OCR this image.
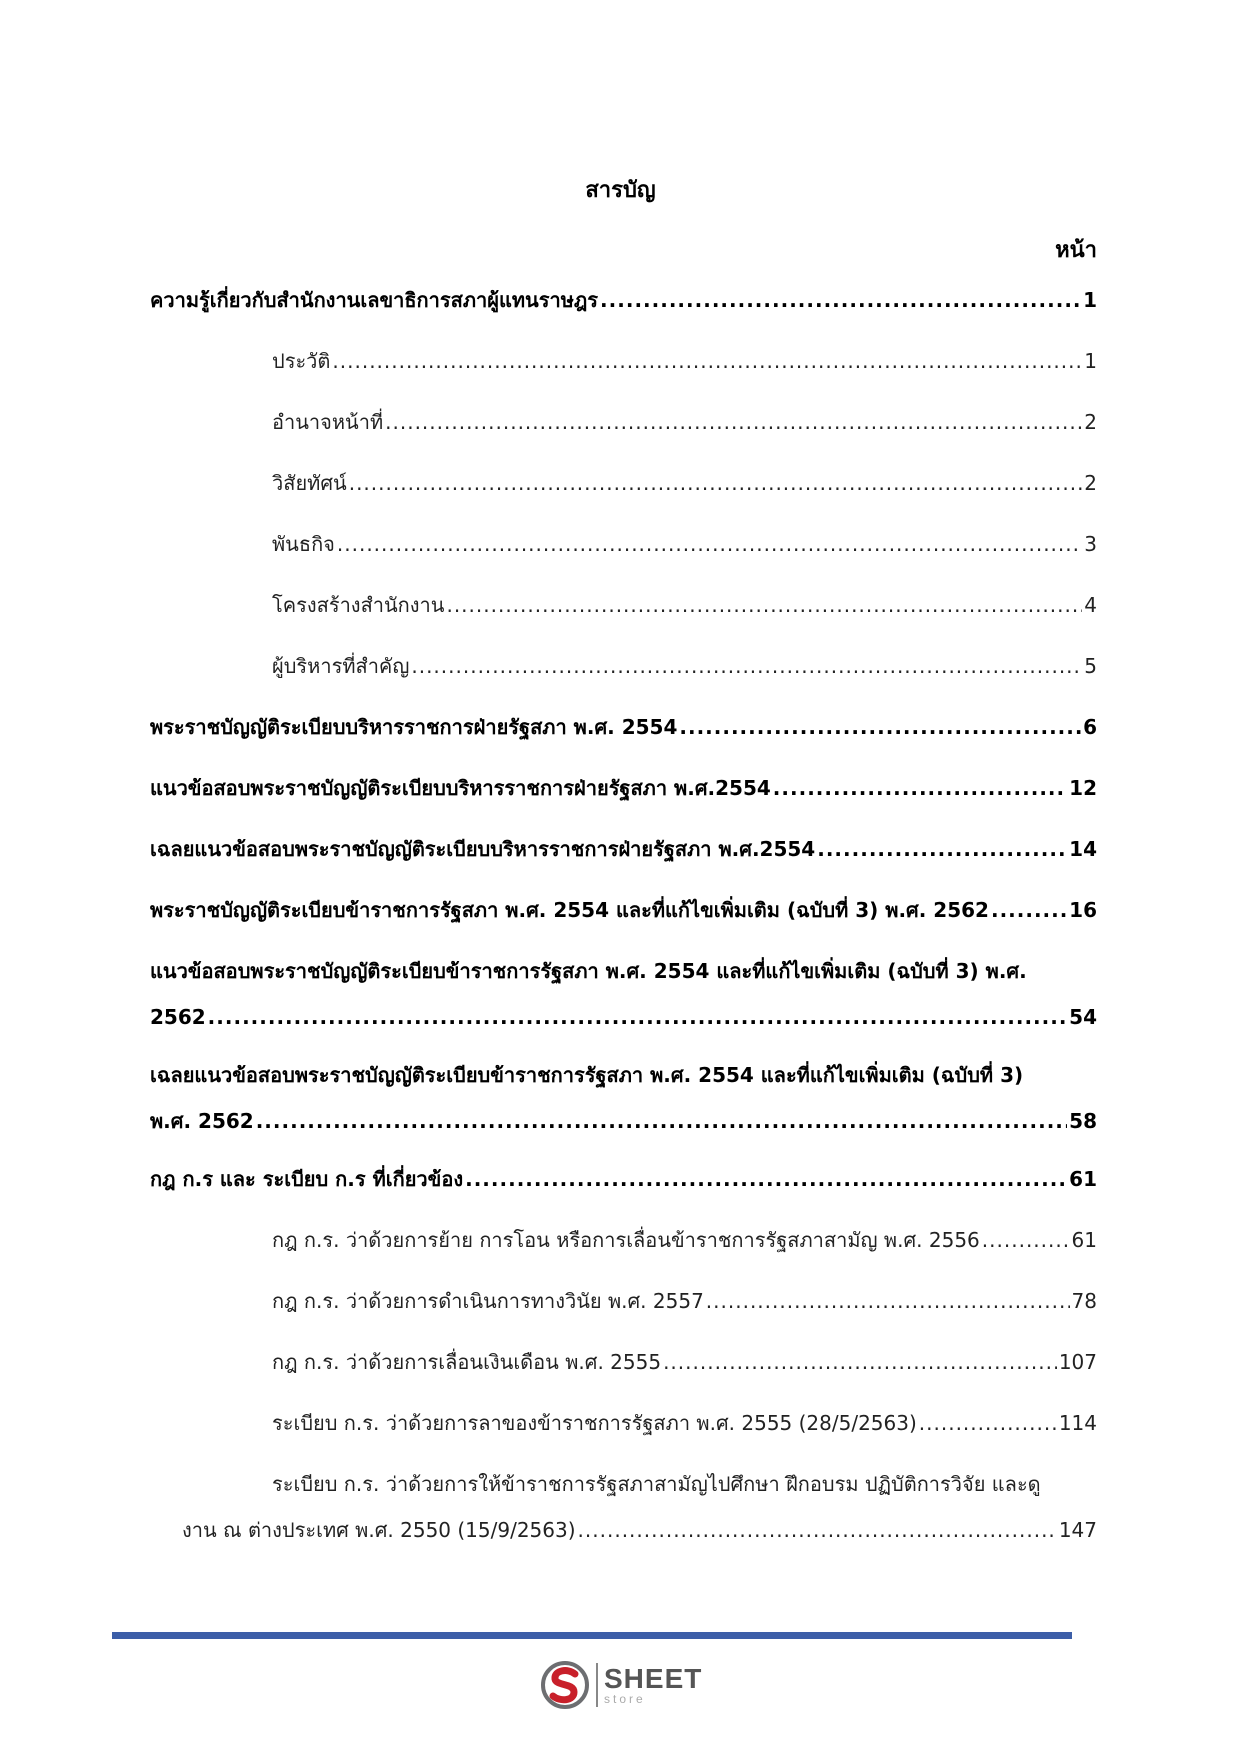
สารบัญ
หน้า
ความรู้เกี่ยวกับสำนักงานเลขาธิการสภาผู้แทนราษฎร .....	1
ประวัติ .....	1
อำนาจหน้าที่ .....	2
วิสัยทัศน์ .....	2
พันธกิจ .....	3
โครงสร้างสำนักงาน .....	4
ผู้บริหารที่สำคัญ .....	5
พระราชบัญญัติระเบียบบริหารราชการฝ่ายรัฐสภา พ.ศ. 2554 .....	6
แนวข้อสอบพระราชบัญญัติระเบียบบริหารราชการฝ่ายรัฐสภา พ.ศ.2554 .....	12
เฉลยแนวข้อสอบพระราชบัญญัติระเบียบบริหารราชการฝ่ายรัฐสภา พ.ศ.2554 .....	14
พระราชบัญญัติระเบียบข้าราชการรัฐสภา พ.ศ. 2554 และที่แก้ไขเพิ่มเติม (ฉบับที่ 3) พ.ศ. 2562 .....	16
แนวข้อสอบพระราชบัญญัติระเบียบข้าราชการรัฐสภา พ.ศ. 2554 และที่แก้ไขเพิ่มเติม (ฉบับที่ 3) พ.ศ.
2562 .....	54
เฉลยแนวข้อสอบพระราชบัญญัติระเบียบข้าราชการรัฐสภา พ.ศ. 2554 และที่แก้ไขเพิ่มเติม (ฉบับที่ 3)
พ.ศ. 2562 .....	58
กฎ ก.ร และ ระเบียบ ก.ร ที่เกี่ยวข้อง .....	61
กฎ ก.ร. ว่าด้วยการย้าย การโอน หรือการเลื่อนข้าราชการรัฐสภาสามัญ พ.ศ. 2556 .....	61
กฎ ก.ร. ว่าด้วยการดำเนินการทางวินัย พ.ศ. 2557 .....	78
กฎ ก.ร. ว่าด้วยการเลื่อนเงินเดือน พ.ศ. 2555 .....	107
ระเบียบ ก.ร. ว่าด้วยการลาของข้าราชการรัฐสภา พ.ศ. 2555 (28/5/2563) .....	114
ระเบียบ ก.ร. ว่าด้วยการให้ข้าราชการรัฐสภาสามัญไปศึกษา ฝึกอบรม ปฏิบัติการวิจัย และดู
งาน ณ ต่างประเทศ พ.ศ. 2550 (15/9/2563) .....	147
SHEET
store
